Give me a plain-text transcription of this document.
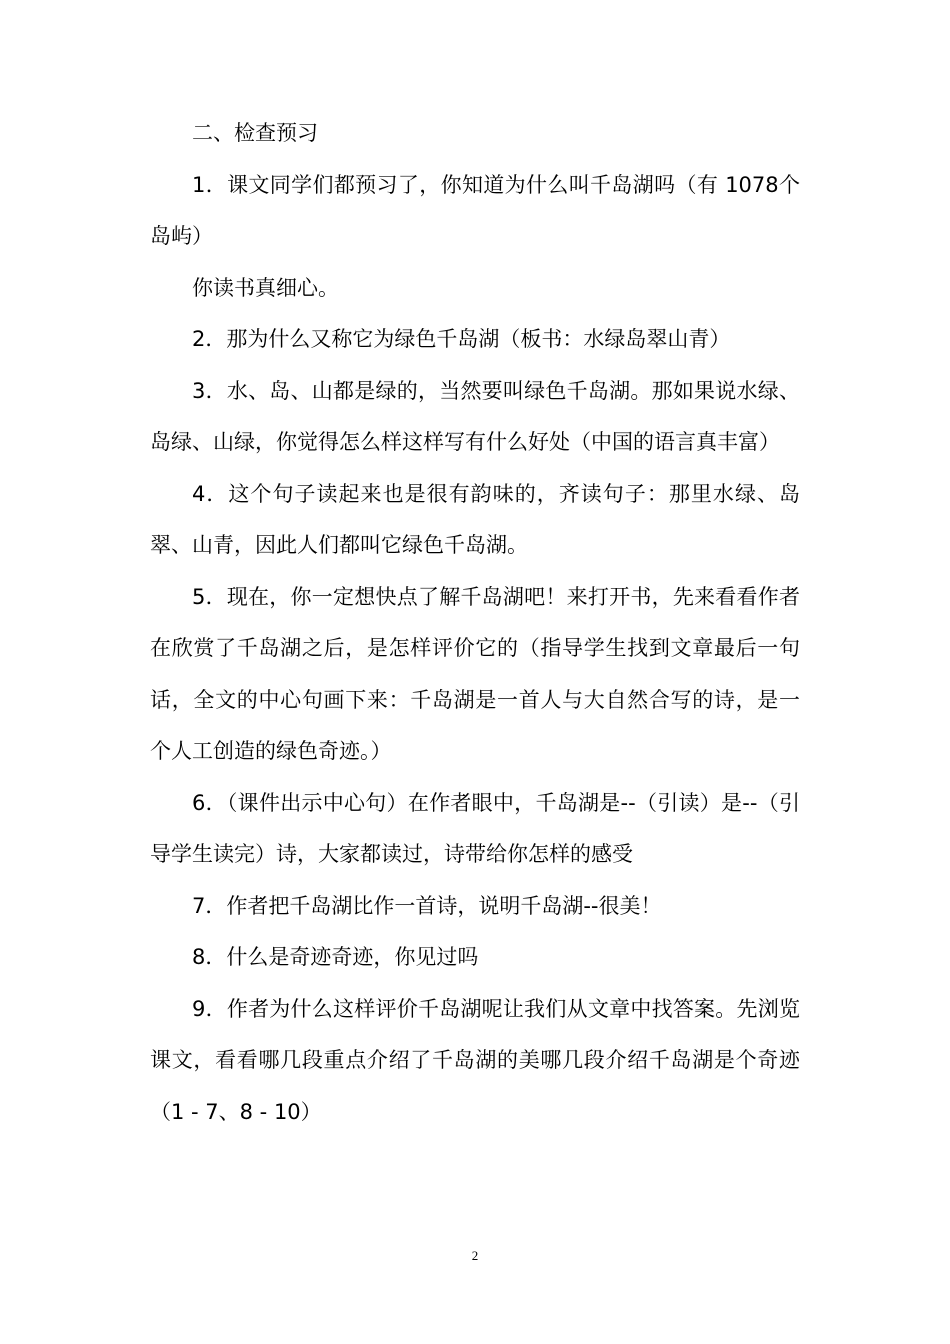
二、检查预习

1．课文同学们都预习了，你知道为什么叫千岛湖吗（有 1078个岛屿）

你读书真细心。

2．那为什么又称它为绿色千岛湖（板书：水绿岛翠山青）

3．水、岛、山都是绿的，当然要叫绿色千岛湖。那如果说水绿、岛绿、山绿，你觉得怎么样这样写有什么好处（中国的语言真丰富）

4．这个句子读起来也是很有韵味的，齐读句子：那里水绿、岛翠、山青，因此人们都叫它绿色千岛湖。

5．现在，你一定想快点了解千岛湖吧！来打开书，先来看看作者在欣赏了千岛湖之后，是怎样评价它的（指导学生找到文章最后一句话，全文的中心句画下来：千岛湖是一首人与大自然合写的诗，是一个人工创造的绿色奇迹。）

6．（课件出示中心句）在作者眼中，千岛湖是--（引读）是--（引导学生读完）诗，大家都读过，诗带给你怎样的感受

7．作者把千岛湖比作一首诗，说明千岛湖--很美！

8．什么是奇迹奇迹，你见过吗

9．作者为什么这样评价千岛湖呢让我们从文章中找答案。先浏览课文，看看哪几段重点介绍了千岛湖的美哪几段介绍千岛湖是个奇迹（1 - 7、8 - 10）

2
